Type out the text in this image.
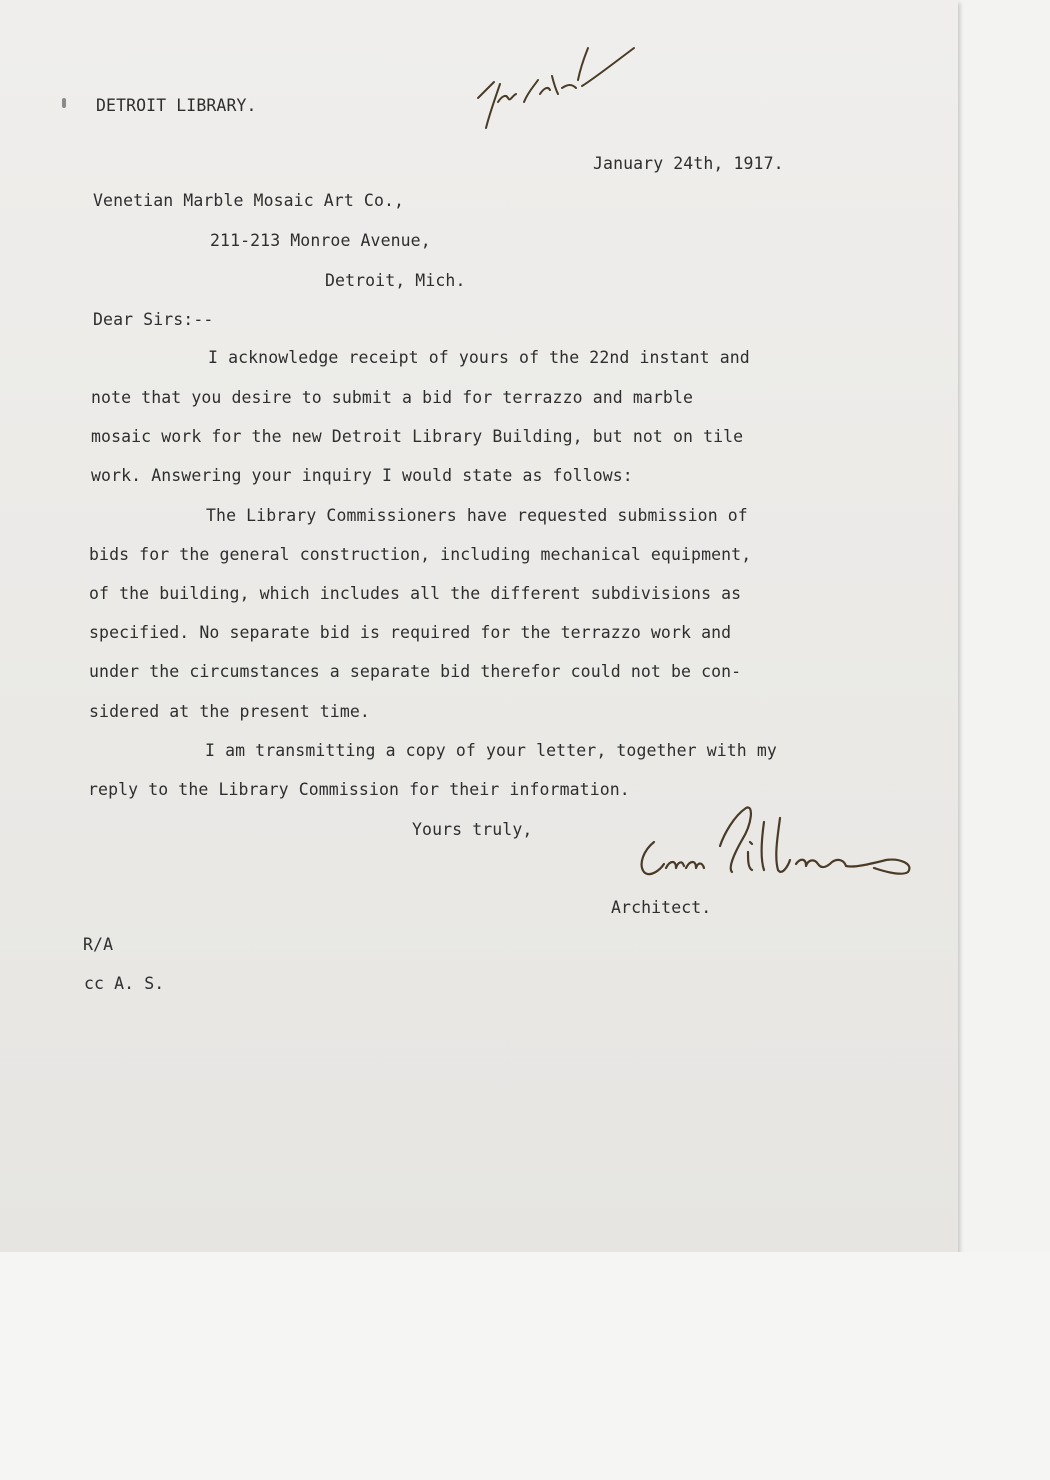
DETROIT LIBRARY.
January 24th, 1917.
Venetian Marble Mosaic Art Co.,
211-213 Monroe Avenue,
Detroit, Mich.
Dear Sirs:--
I acknowledge receipt of yours of the 22nd instant and
note that you desire to submit a bid for terrazzo and marble
mosaic work for the new Detroit Library Building, but not on tile
work. Answering your inquiry I would state as follows:
The Library Commissioners have requested submission of
bids for the general construction, including mechanical equipment,
of the building, which includes all the different subdivisions as
specified. No separate bid is required for the terrazzo work and
under the circumstances a separate bid therefor could not be con-
sidered at the present time.
I am transmitting a copy of your letter, together with my
reply to the Library Commission for their information.
Yours truly,
Architect.
R/A
cc A. S.
